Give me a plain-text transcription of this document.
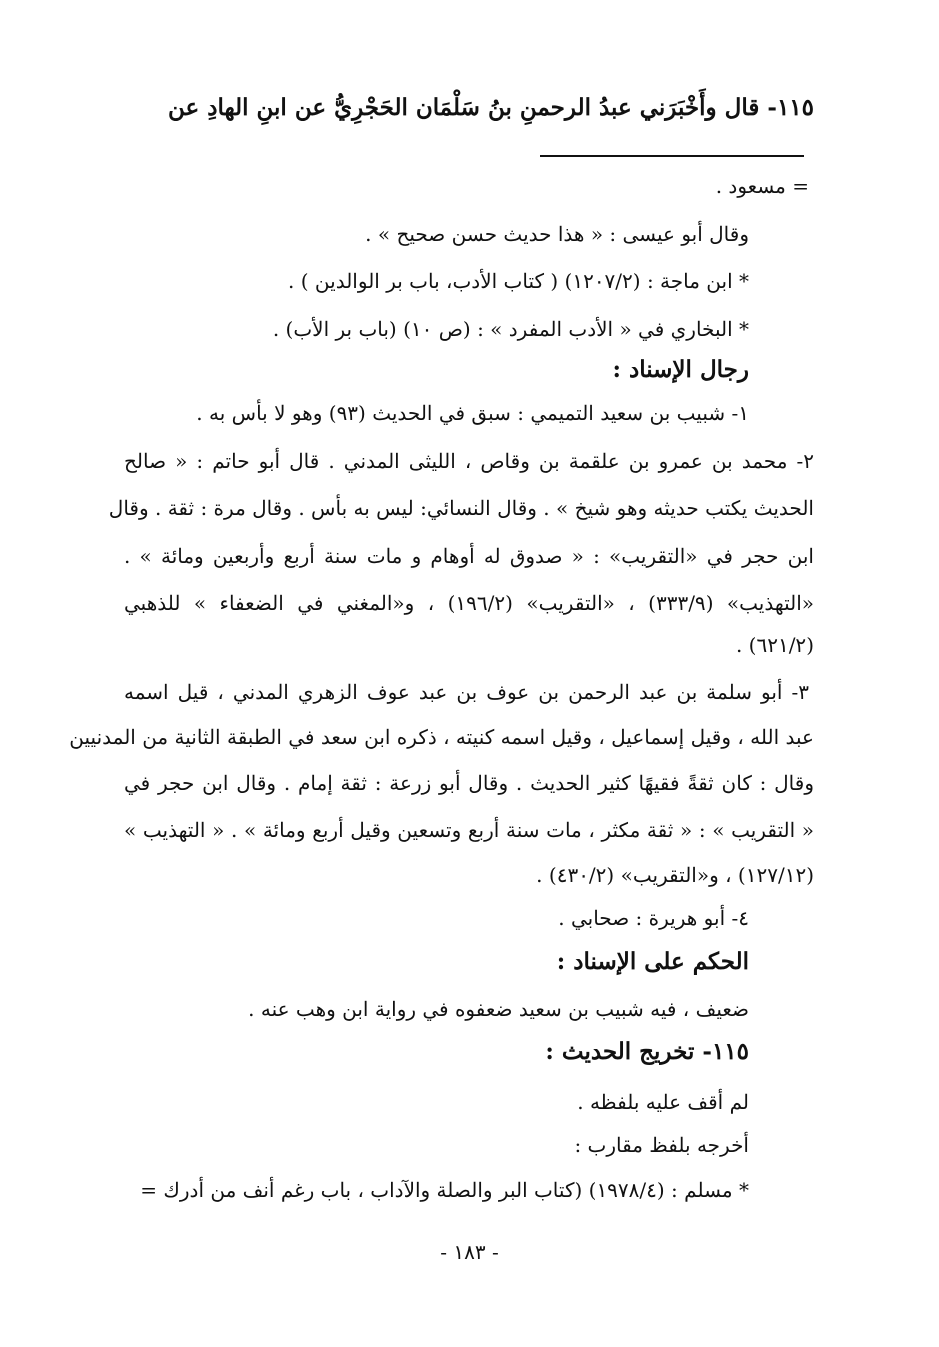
١١٥- قال وأَخْبَرَني عبدُ الرحمنِ بنُ سَلْمَان الحَجْرِيُّ عن ابنِ الهادِ عن
= مسعود .
وقال أبو عيسى : « هذا حديث حسن صحيح » .
* ابن ماجة : (١٢٠٧/٢) ( كتاب الأدب، باب بر الوالدين ) .
* البخاري في « الأدب المفرد » : (ص ١٠) (باب بر الأب) .
رجال الإسناد :
١- شبيب بن سعيد التميمي : سبق في الحديث (٩٣) وهو لا بأس به .
٢- محمد بن عمرو بن علقمة بن وقاص ، الليثى المدني . قال أبو حاتم : « صالح
الحديث يكتب حديثه وهو شيخ » . وقال النسائي: ليس به بأس . وقال مرة : ثقة . وقال
ابن حجر في «التقريب» : « صدوق له أوهام و مات سنة أربع وأربعين ومائة » .
«التهذيب» (٣٣٣/٩) ، «التقريب» (١٩٦/٢) ، و«المغني في الضعفاء » للذهبي
(٦٢١/٢) .
٣- أبو سلمة بن عبد الرحمن بن عوف بن عبد عوف الزهري المدني ، قيل اسمه
عبد الله ، وقيل إسماعيل ، وقيل اسمه كنيته ، ذكره ابن سعد في الطبقة الثانية من المدنيين
وقال : كان ثقةً فقيهًا كثير الحديث . وقال أبو زرعة : ثقة إمام . وقال ابن حجر في
« التقريب » : « ثقة مكثر ، مات سنة أربع وتسعين وقيل أربع ومائة » . « التهذيب »
(١٢٧/١٢) ، و«التقريب» (٤٣٠/٢) .
٤- أبو هريرة : صحابي .
الحكم على الإسناد :
ضعيف ، فيه شبيب بن سعيد ضعفوه في رواية ابن وهب عنه .
١١٥- تخريج الحديث :
لم أقف عليه بلفظه .
أخرجه بلفظ مقارب :
* مسلم : (١٩٧٨/٤) (كتاب البر والصلة والآداب ، باب رغم أنف من أدرك =
- ١٨٣ -
